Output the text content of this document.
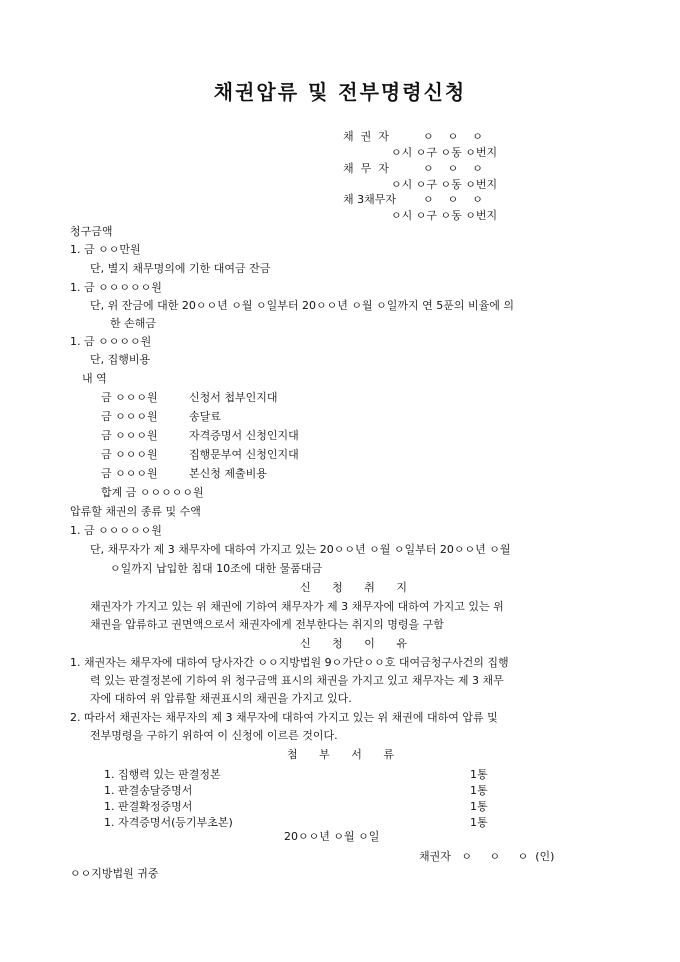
채권압류 및 전부명령신청
채  권  자	ㅇ    ㅇ    ㅇ
ㅇ시 ㅇ구 ㅇ동 ㅇ번지
채  무  자	ㅇ    ㅇ    ㅇ
ㅇ시 ㅇ구 ㅇ동 ㅇ번지
채 3채무자 ㅇ    ㅇ    ㅇ
ㅇ시 ㅇ구 ㅇ동 ㅇ번지
청구금액
1. 금 ㅇㅇ만원
단, 별지 채무명의에 기한 대여금 잔금
1. 금 ㅇㅇㅇㅇㅇ원
단, 위 잔금에 대한 20ㅇㅇ년 ㅇ월 ㅇ일부터 20ㅇㅇ년 ㅇ월 ㅇ일까지 연 5푼의 비율에 의
한 손해금
1. 금 ㅇㅇㅇㅇ원
단, 집행비용
내 역
금 ㅇㅇㅇ원	신청서 첩부인지대
금 ㅇㅇㅇ원	송달료
금 ㅇㅇㅇ원	자격증명서 신청인지대
금 ㅇㅇㅇ원	집행문부여 신청인지대
금 ㅇㅇㅇ원	본신청 제출비용
합계 금 ㅇㅇㅇㅇㅇ원
압류할 채권의 종류 및 수액
1. 금 ㅇㅇㅇㅇㅇ원
단, 채무자가 제 3 채무자에 대하여 가지고 있는 20ㅇㅇ년 ㅇ월 ㅇ일부터 20ㅇㅇ년 ㅇ월
ㅇ일까지 납입한 침대 10조에 대한 물품대금
신 청 취 지
채권자가 가지고 있는 위 채권에 기하여 채무자가 제 3 채무자에 대하여 가지고 있는 위
채권을 압류하고 권면액으로서 채권자에게 전부한다는 취지의 명령을 구함
신 청 이 유
1. 채권자는 채무자에 대하여 당사자간 ㅇㅇ지방법원 9ㅇ가단ㅇㅇ호 대여금청구사건의 집행
력 있는 판결정본에 기하여 위 청구금액 표시의 채권을 가지고 있고 채무자는 제 3 채무
자에 대하여 위 압류할 채권표시의 채권을 가지고 있다.
2. 따라서 채권자는 채무자의 제 3 채무자에 대하여 가지고 있는 위 채권에 대하여 압류 및
전부명령을 구하기 위하여 이 신청에 이르른 것이다.
첨 부 서 류
1. 집행력 있는 판결정본	1통
1. 판결송달증명서	1통
1. 판결확정증명서	1통
1. 자격증명서(등기부초본)	1통
20ㅇㅇ년 ㅇ월 ㅇ일
채권자   ㅇ     ㅇ     ㅇ  (인)
ㅇㅇ지방법원 귀중
